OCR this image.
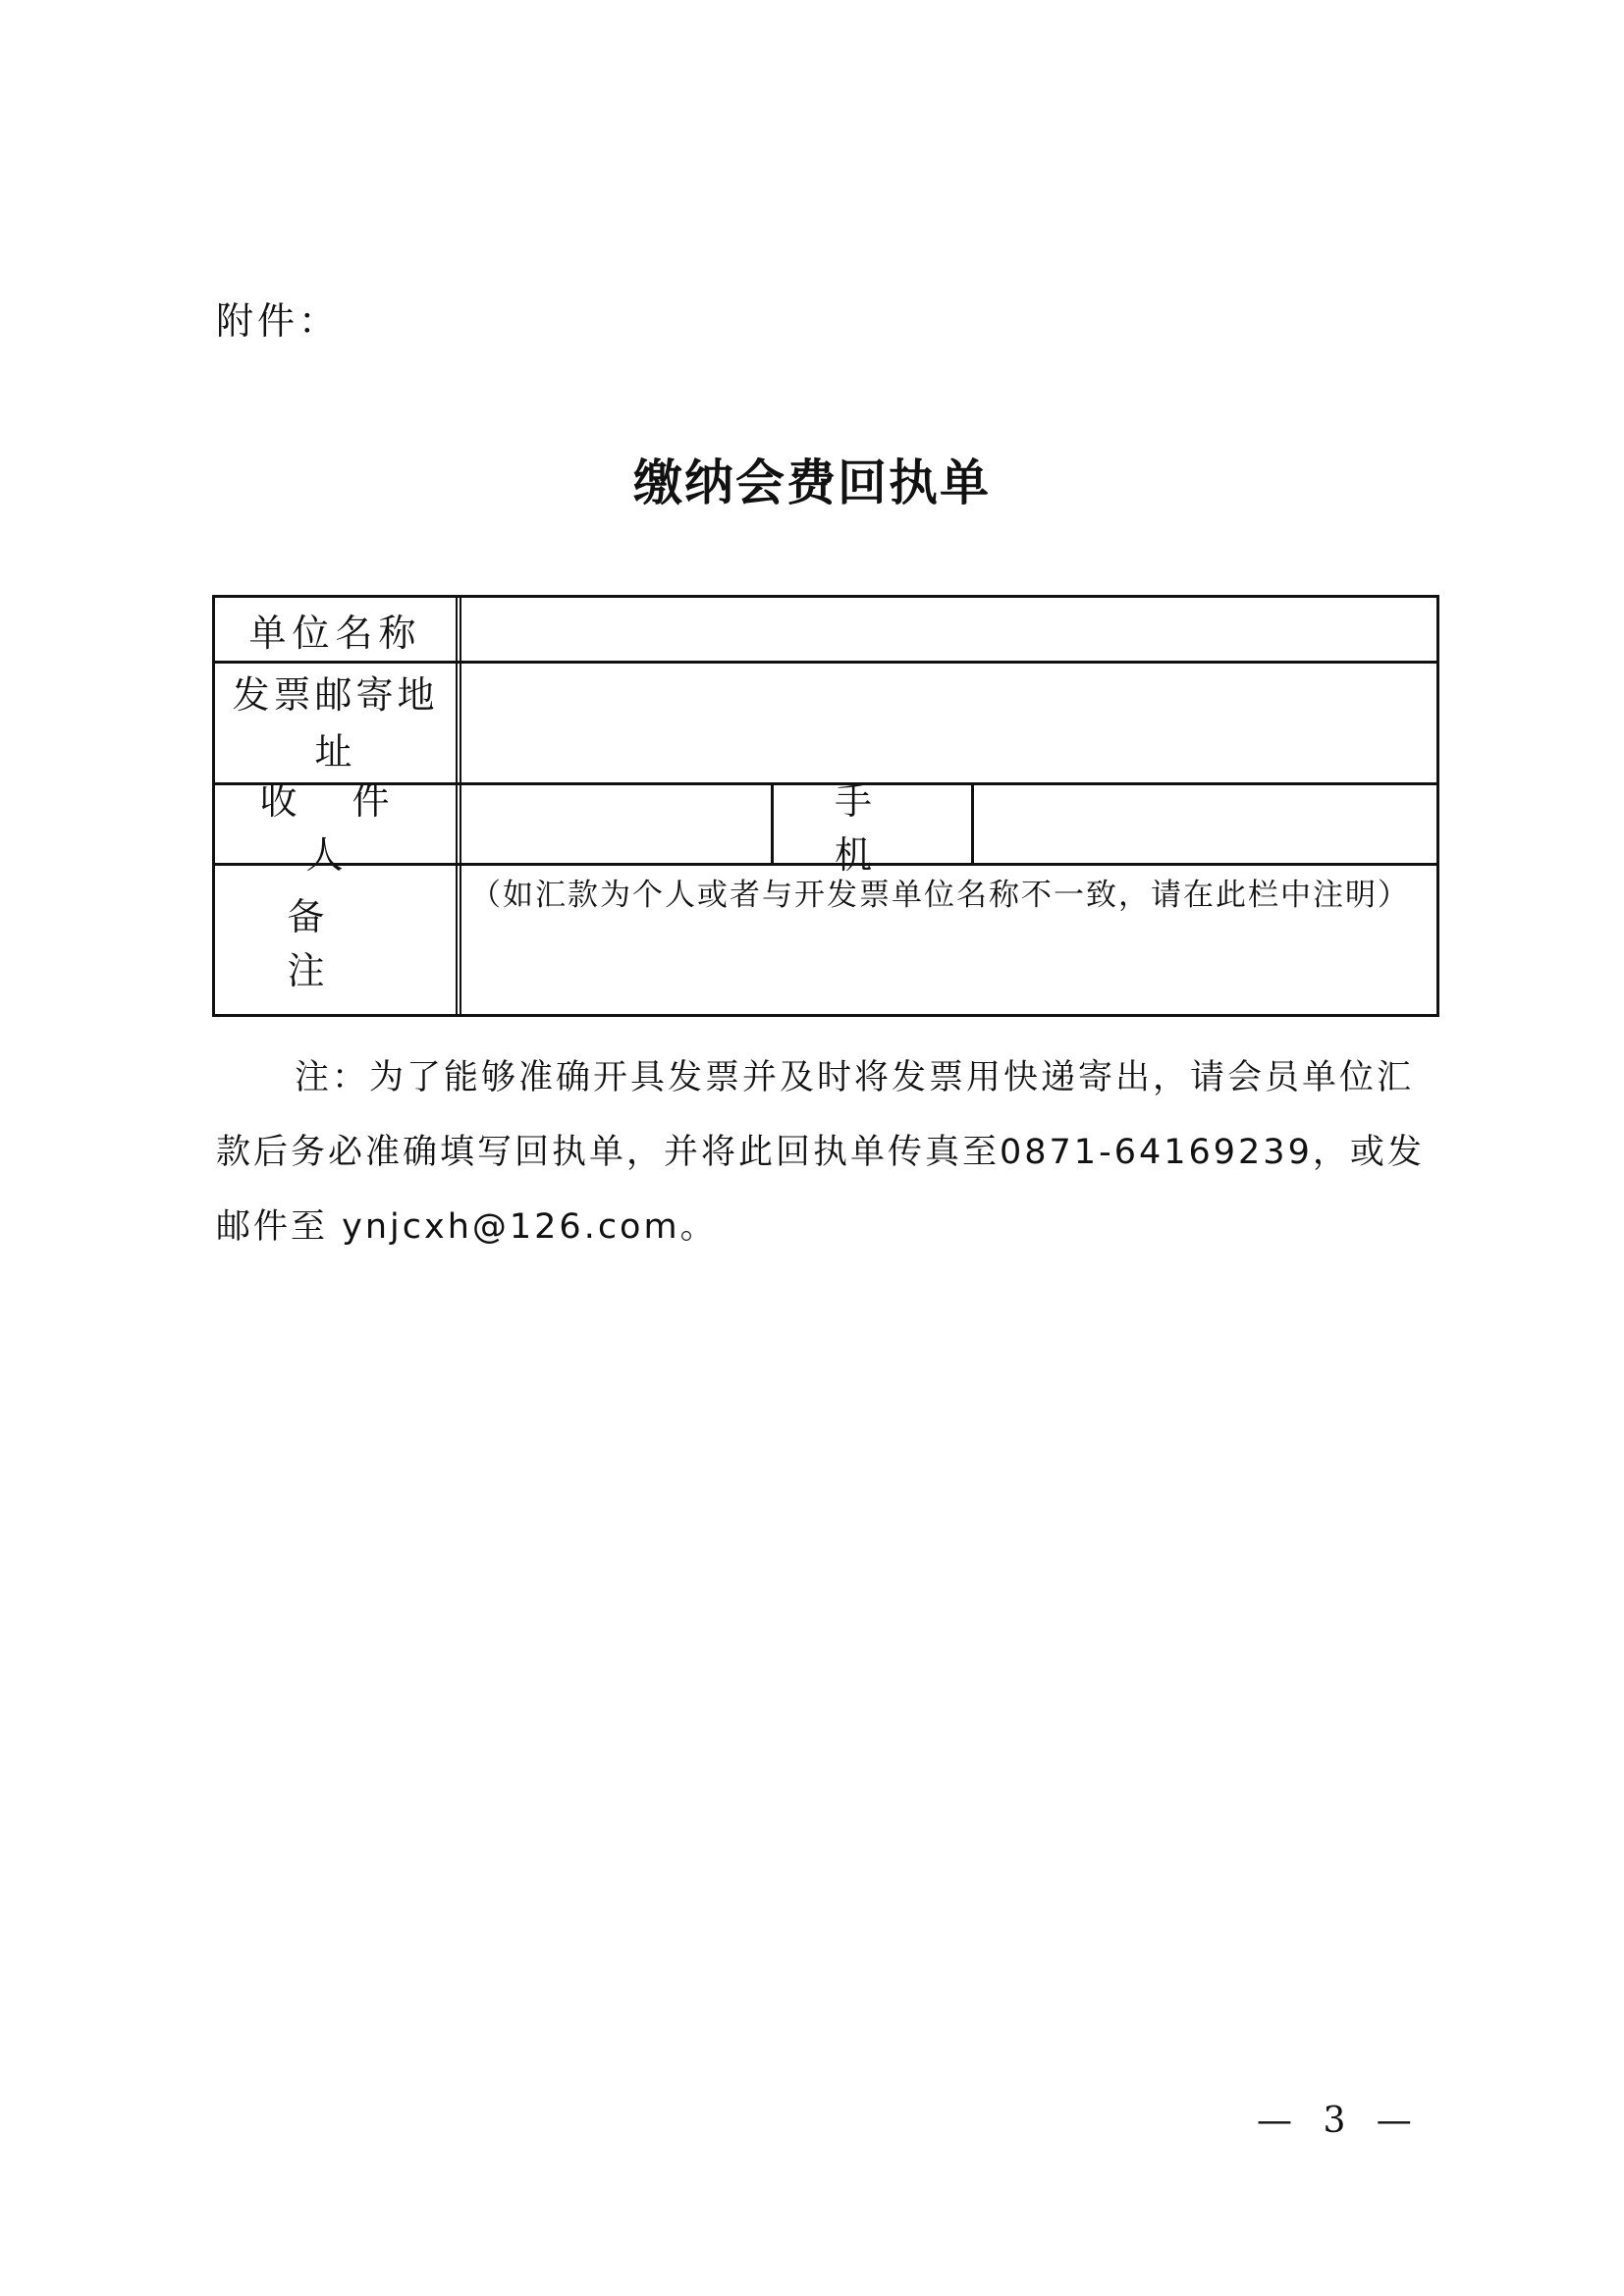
附件：
缴纳会费回执单
单位名称
发票邮寄地址
收 件 人
手 机
备 注
（如汇款为个人或者与开发票单位名称不一致，请在此栏中注明）
注：为了能够准确开具发票并及时将发票用快递寄出，请会员单位汇款后务必准确填写回执单，并将此回执单传真至0871-64169239，或发邮件至 ynjcxh@126.com。
— 3 —
